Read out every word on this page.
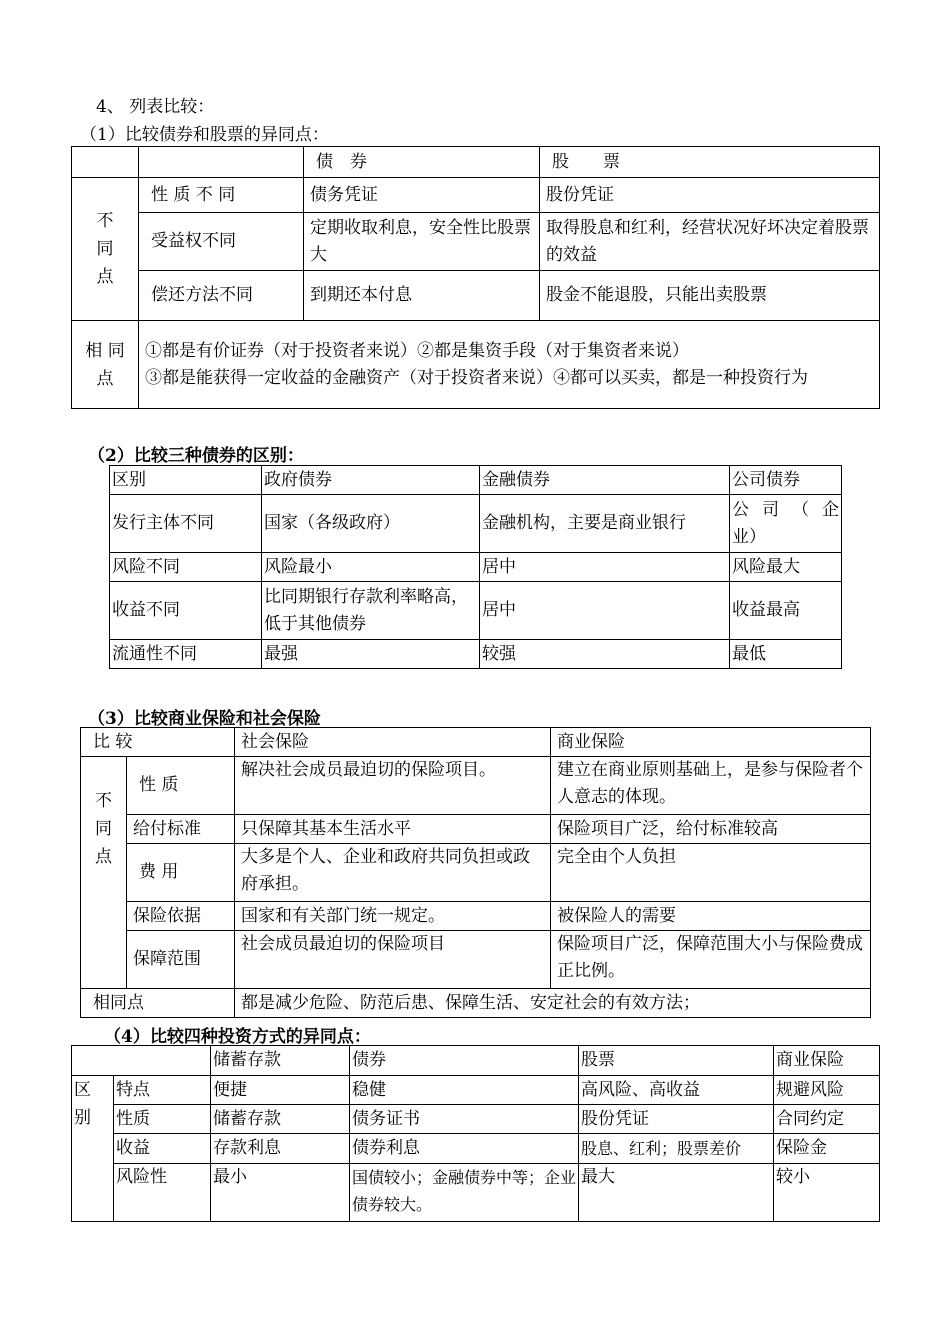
4、 列表比较：
（1）比较债券和股票的异同点：
		债　券	股　　票
不
同
点	性 质 不 同	债务凭证	股份凭证
	受益权不同	定期收取利息，安全性比股票大	取得股息和红利，经营状况好坏决定着股票的效益
	偿还方法不同	到期还本付息	股金不能退股，只能出卖股票
相 同
点	①都是有价证券（对于投资者来说）②都是集资手段（对于集资者来说）
③都是能获得一定收益的金融资产（对于投资者来说）④都可以买卖，都是一种投资行为		
（2）比较三种债券的区别：
区别	政府债券	金融债券	公司债券
发行主体不同	国家（各级政府）	金融机构，主要是商业银行	公 司 （ 企业）
风险不同	风险最小	居中	风险最大
收益不同	比同期银行存款利率略高，低于其他债券	居中	收益最高
流通性不同	最强	较强	最低
（3）比较商业保险和社会保险
比 较		社会保险	商业保险
不
同
点	性 质	解决社会成员最迫切的保险项目。	建立在商业原则基础上，是参与保险者个人意志的体现。
	给付标准	只保障其基本生活水平	保险项目广泛，给付标准较高
	费 用	大多是个人、企业和政府共同负担或政府承担。	完全由个人负担
	保险依据	国家和有关部门统一规定。	被保险人的需要
	保障范围	社会成员最迫切的保险项目	保险项目广泛，保障范围大小与保险费成正比例。
相同点		都是减少危险、防范后患、保障生活、安定社会的有效方法；	
（4）比较四种投资方式的异同点：
		储蓄存款	债券	股票	商业保险
区
别	特点	便捷	稳健	高风险、高收益	规避风险
	性质	储蓄存款	债务证书	股份凭证	合同约定
	收益	存款利息	债券利息	股息、红利；股票差价	保险金
	风险性	最小	国债较小；金融债券中等；企业债券较大。	最大	较小
